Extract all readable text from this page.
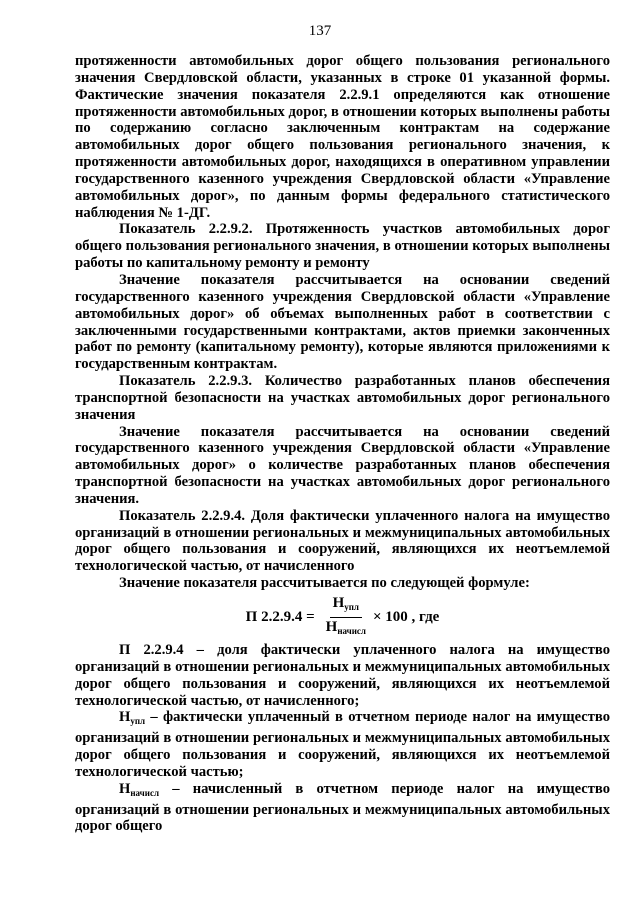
137

протяженности автомобильных дорог общего пользования регионального значения Свердловской области, указанных в строке 01 указанной формы. Фактические значения показателя 2.2.9.1 определяются как отношение протяженности автомобильных дорог, в отношении которых выполнены работы по содержанию согласно заключенным контрактам на содержание автомобильных дорог общего пользования регионального значения, к протяженности автомобильных дорог, находящихся в оперативном управлении государственного казенного учреждения Свердловской области «Управление автомобильных дорог», по данным формы федерального статистического наблюдения № 1-ДГ.

Показатель 2.2.9.2. Протяженность участков автомобильных дорог общего пользования регионального значения, в отношении которых выполнены работы по капитальному ремонту и ремонту

Значение показателя рассчитывается на основании сведений государственного казенного учреждения Свердловской области «Управление автомобильных дорог» об объемах выполненных работ в соответствии с заключенными государственными контрактами, актов приемки законченных работ по ремонту (капитальному ремонту), которые являются приложениями к государственным контрактам.

Показатель 2.2.9.3. Количество разработанных планов обеспечения транспортной безопасности на участках автомобильных дорог регионального значения

Значение показателя рассчитывается на основании сведений государственного казенного учреждения Свердловской области «Управление автомобильных дорог» о количестве разработанных планов обеспечения транспортной безопасности на участках автомобильных дорог регионального значения.

Показатель 2.2.9.4. Доля фактически уплаченного налога на имущество организаций в отношении региональных и межмуниципальных автомобильных дорог общего пользования и сооружений, являющихся их неотъемлемой технологической частью, от начисленного

Значение показателя рассчитывается по следующей формуле:

П $2.2.9.4 = \frac{Н_{упл}}{Н_{начисл}} \times 100$ , где

П 2.2.9.4 – доля фактически уплаченного налога на имущество организаций в отношении региональных и межмуниципальных автомобильных дорог общего пользования и сооружений, являющихся их неотъемлемой технологической частью, от начисленного;

$Н_{упл}$ – фактически уплаченный в отчетном периоде налог на имущество организаций в отношении региональных и межмуниципальных автомобильных дорог общего пользования и сооружений, являющихся их неотъемлемой технологической частью;

$Н_{начисл}$ – начисленный в отчетном периоде налог на имущество организаций в отношении региональных и межмуниципальных автомобильных дорог общего
